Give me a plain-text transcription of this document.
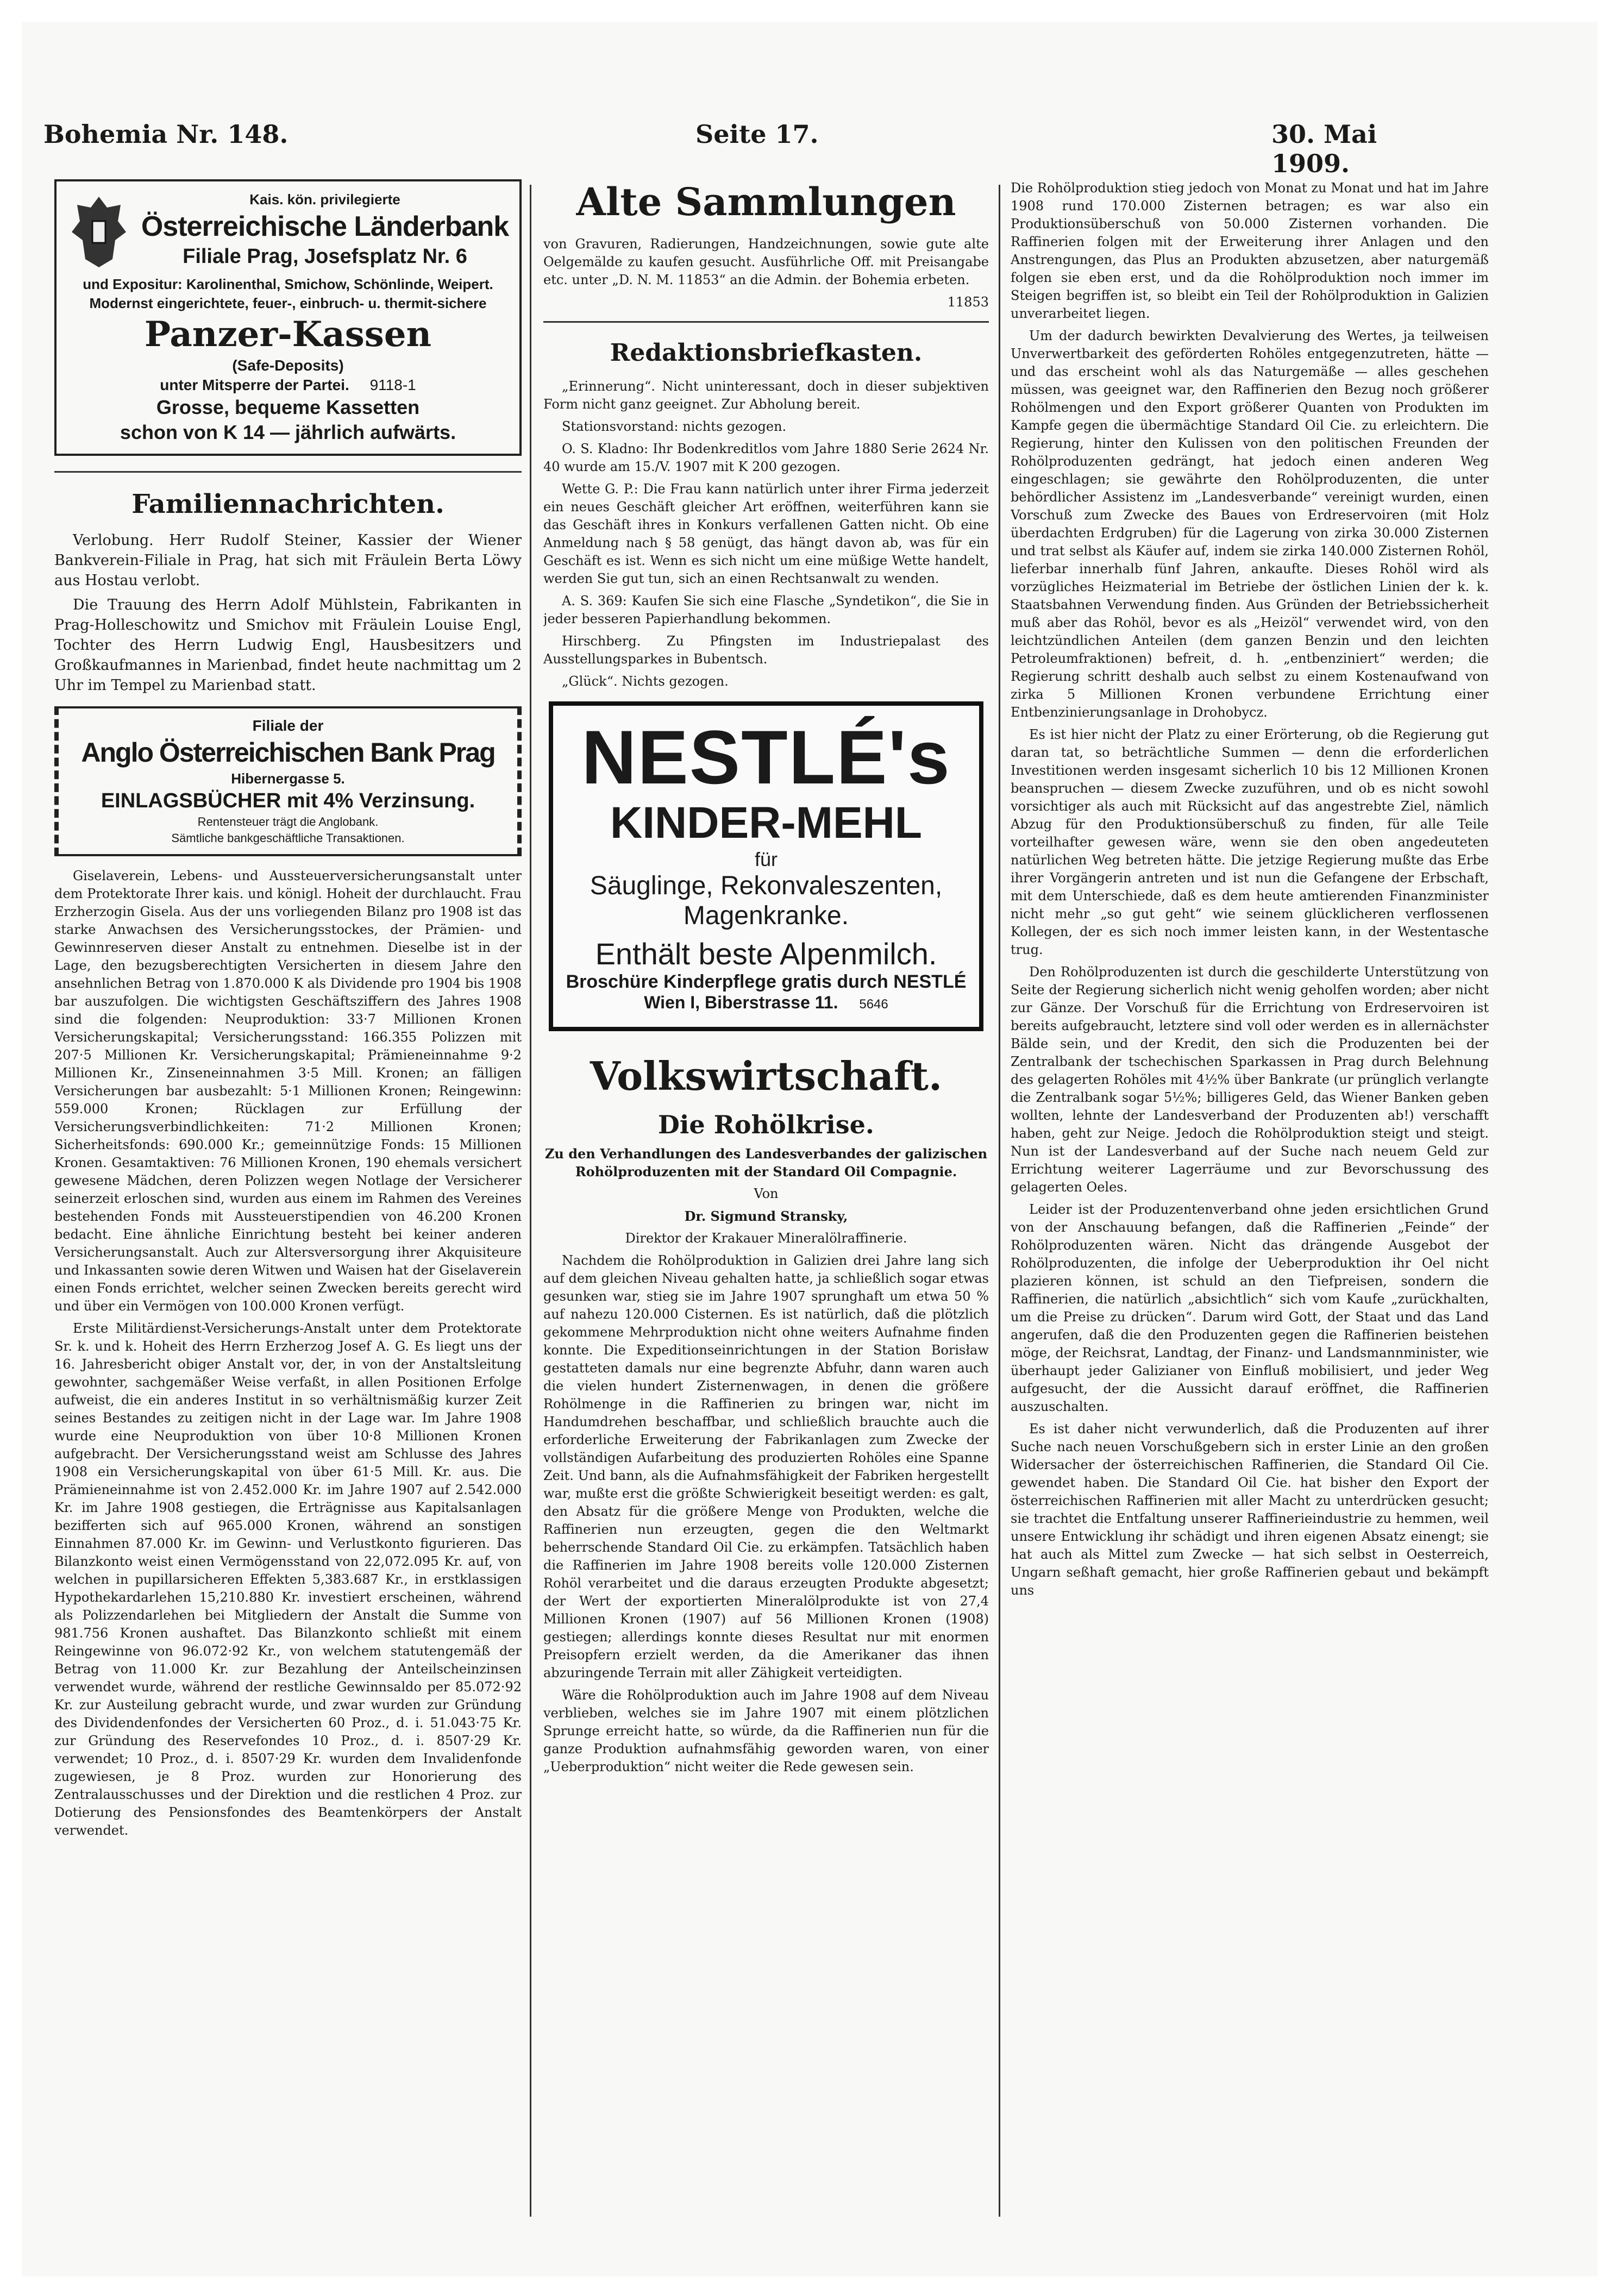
Bohemia Nr. 148.	Seite 17.	30. Mai 1909.
Kais. kön. privilegierte
Österreichische Länderbank
Filiale Prag, Josefsplatz Nr. 6
und Expositur: Karolinenthal, Smichow, Schönlinde, Weipert.
Modernst eingerichtete, feuer-, einbruch- u. thermit-sichere
Panzer-Kassen
(Safe-Deposits)
unter Mitsperre der Partei. 9118-1
Grosse, bequeme Kassetten
schon von K 14 — jährlich aufwärts.
Familiennachrichten.

Verlobung. Herr Rudolf Steiner, Kassier der Wiener Bankverein-Filiale in Prag, hat sich mit Fräulein Berta Löwy aus Hostau verlobt.

Die Trauung des Herrn Adolf Mühlstein, Fabrikanten in Prag-Holleschowitz und Smichov mit Fräulein Louise Engl, Tochter des Herrn Ludwig Engl, Hausbesitzers und Großkaufmannes in Marienbad, findet heute nachmittag um 2 Uhr im Tempel zu Marienbad statt.

Filiale der
Anglo Österreichischen Bank Prag
Hibernergasse 5.
EINLAGSBÜCHER mit 4% Verzinsung.
Rentensteuer trägt die Anglobank.
Sämtliche bankgeschäftliche Transaktionen.

Giselaverein, Lebens- und Aussteuerversicherungsanstalt unter dem Protektorate Ihrer kais. und königl. Hoheit der durchlaucht. Frau Erzherzogin Gisela. Aus der uns vorliegenden Bilanz pro 1908 ist das starke Anwachsen des Versicherungsstockes, der Prämien- und Gewinnreserven dieser Anstalt zu entnehmen. Dieselbe ist in der Lage, den bezugsberechtigten Versicherten in diesem Jahre den ansehnlichen Betrag von 1.870.000 K als Dividende pro 1904 bis 1908 bar auszufolgen. Die wichtigsten Geschäftsziffern des Jahres 1908 sind die folgenden: Neuproduktion: 33·7 Millionen Kronen Versicherungskapital; Versicherungsstand: 166.355 Polizzen mit 207·5 Millionen Kr. Versicherungskapital; Prämieneinnahme 9·2 Millionen Kr., Zinseneinnahmen 3·5 Mill. Kronen; an fälligen Versicherungen bar ausbezahlt: 5·1 Millionen Kronen; Reingewinn: 559.000 Kronen; Rücklagen zur Erfüllung der Versicherungsverbindlichkeiten: 71·2 Millionen Kronen; Sicherheitsfonds: 690.000 Kr.; gemeinnützige Fonds: 15 Millionen Kronen. Gesamtaktiven: 76 Millionen Kronen, 190 ehemals versichert gewesene Mädchen, deren Polizzen wegen Notlage der Versicherer seinerzeit erloschen sind, wurden aus einem im Rahmen des Vereines bestehenden Fonds mit Aussteuerstipendien von 46.200 Kronen bedacht. Eine ähnliche Einrichtung besteht bei keiner anderen Versicherungsanstalt. Auch zur Altersversorgung ihrer Akquisiteure und Inkassanten sowie deren Witwen und Waisen hat der Giselaverein einen Fonds errichtet, welcher seinen Zwecken bereits gerecht wird und über ein Vermögen von 100.000 Kronen verfügt.

Erste Militärdienst-Versicherungs-Anstalt unter dem Protektorate Sr. k. und k. Hoheit des Herrn Erzherzog Josef A. G. Es liegt uns der 16. Jahresbericht obiger Anstalt vor, der, in von der Anstaltsleitung gewohnter, sachgemäßer Weise verfaßt, in allen Positionen Erfolge aufweist, die ein anderes Institut in so verhältnismäßig kurzer Zeit seines Bestandes zu zeitigen nicht in der Lage war. Im Jahre 1908 wurde eine Neuproduktion von über 10·8 Millionen Kronen aufgebracht. Der Versicherungsstand weist am Schlusse des Jahres 1908 ein Versicherungskapital von über 61·5 Mill. Kr. aus. Die Prämieneinnahme ist von 2.452.000 Kr. im Jahre 1907 auf 2.542.000 Kr. im Jahre 1908 gestiegen, die Erträgnisse aus Kapitalsanlagen bezifferten sich auf 965.000 Kronen, während an sonstigen Einnahmen 87.000 Kr. im Gewinn- und Verlustkonto figurieren. Das Bilanzkonto weist einen Vermögensstand von 22,072.095 Kr. auf, von welchen in pupillarsicheren Effekten 5,383.687 Kr., in erstklassigen Hypothekardarlehen 15,210.880 Kr. investiert erscheinen, während als Polizzendarlehen bei Mitgliedern der Anstalt die Summe von 981.756 Kronen aushaftet. Das Bilanzkonto schließt mit einem Reingewinne von 96.072·92 Kr., von welchem statutengemäß der Betrag von 11.000 Kr. zur Bezahlung der Anteilscheinzinsen verwendet wurde, während der restliche Gewinnsaldo per 85.072·92 Kr. zur Austeilung gebracht wurde, und zwar wurden zur Gründung des Dividendenfondes der Versicherten 60 Proz., d. i. 51.043·75 Kr. zur Gründung des Reservefondes 10 Proz., d. i. 8507·29 Kr. verwendet; 10 Proz., d. i. 8507·29 Kr. wurden dem Invalidenfonde zugewiesen, je 8 Proz. wurden zur Honorierung des Zentralausschusses und der Direktion und die restlichen 4 Proz. zur Dotierung des Pensionsfondes des Beamtenkörpers der Anstalt verwendet.

Alte Sammlungen

von Gravuren, Radierungen, Handzeichnungen, sowie gute alte Oelgemälde zu kaufen gesucht. Ausführliche Off. mit Preisangabe etc. unter „D. N. M. 11853“ an die Admin. der Bohemia erbeten.

11853

Redaktionsbriefkasten.

„Erinnerung“. Nicht uninteressant, doch in dieser subjektiven Form nicht ganz geeignet. Zur Abholung bereit.

Stationsvorstand: nichts gezogen.

O. S. Kladno: Ihr Bodenkreditlos vom Jahre 1880 Serie 2624 Nr. 40 wurde am 15./V. 1907 mit K 200 gezogen.

Wette G. P.: Die Frau kann natürlich unter ihrer Firma jederzeit ein neues Geschäft gleicher Art eröffnen, weiterführen kann sie das Geschäft ihres in Konkurs verfallenen Gatten nicht. Ob eine Anmeldung nach § 58 genügt, das hängt davon ab, was für ein Geschäft es ist. Wenn es sich nicht um eine müßige Wette handelt, werden Sie gut tun, sich an einen Rechtsanwalt zu wenden.

A. S. 369: Kaufen Sie sich eine Flasche „Syndetikon“, die Sie in jeder besseren Papierhandlung bekommen.

Hirschberg. Zu Pfingsten im Industriepalast des Ausstellungsparkes in Bubentsch.

„Glück“. Nichts gezogen.

NESTLÉ's
KINDER-MEHL
für
Säuglinge, Rekonvaleszenten,
Magenkranke.
Enthält beste Alpenmilch.
Broschüre Kinderpflege gratis durch NESTLÉ
Wien I, Biberstrasse 11. 5646
Volkswirtschaft.
Die Rohölkrise.

Zu den Verhandlungen des Landesverbandes der galizischen Rohölproduzenten mit der Standard Oil Compagnie.

Von

Dr. Sigmund Stransky,

Direktor der Krakauer Mineralölraffinerie.

Nachdem die Rohölproduktion in Galizien drei Jahre lang sich auf dem gleichen Niveau gehalten hatte, ja schließlich sogar etwas gesunken war, stieg sie im Jahre 1907 sprunghaft um etwa 50 % auf nahezu 120.000 Cisternen. Es ist natürlich, daß die plötzlich gekommene Mehrproduktion nicht ohne weiters Aufnahme finden konnte. Die Expeditionseinrichtungen in der Station Borisław gestatteten damals nur eine begrenzte Abfuhr, dann waren auch die vielen hundert Zisternenwagen, in denen die größere Rohölmenge in die Raffinerien zu bringen war, nicht im Handumdrehen beschaffbar, und schließlich brauchte auch die erforderliche Erweiterung der Fabrikanlagen zum Zwecke der vollständigen Aufarbeitung des produzierten Rohöles eine Spanne Zeit. Und bann, als die Aufnahmsfähigkeit der Fabriken hergestellt war, mußte erst die größte Schwierigkeit beseitigt werden: es galt, den Absatz für die größere Menge von Produkten, welche die Raffinerien nun erzeugten, gegen die den Weltmarkt beherrschende Standard Oil Cie. zu erkämpfen. Tatsächlich haben die Raffinerien im Jahre 1908 bereits volle 120.000 Zisternen Rohöl verarbeitet und die daraus erzeugten Produkte abgesetzt; der Wert der exportierten Mineralölprodukte ist von 27,4 Millionen Kronen (1907) auf 56 Millionen Kronen (1908) gestiegen; allerdings konnte dieses Resultat nur mit enormen Preisopfern erzielt werden, da die Amerikaner das ihnen abzuringende Terrain mit aller Zähigkeit verteidigten.

Wäre die Rohölproduktion auch im Jahre 1908 auf dem Niveau verblieben, welches sie im Jahre 1907 mit einem plötzlichen Sprunge erreicht hatte, so würde, da die Raffinerien nun für die ganze Produktion aufnahmsfähig geworden waren, von einer „Ueberproduktion“ nicht weiter die Rede gewesen sein.

Die Rohölproduktion stieg jedoch von Monat zu Monat und hat im Jahre 1908 rund 170.000 Zisternen betragen; es war also ein Produktionsüberschuß von 50.000 Zisternen vorhanden. Die Raffinerien folgen mit der Erweiterung ihrer Anlagen und den Anstrengungen, das Plus an Produkten abzusetzen, aber naturgemäß folgen sie eben erst, und da die Rohölproduktion noch immer im Steigen begriffen ist, so bleibt ein Teil der Rohölproduktion in Galizien unverarbeitet liegen.

Um der dadurch bewirkten Devalvierung des Wertes, ja teilweisen Unverwertbarkeit des geförderten Rohöles entgegenzutreten, hätte — und das erscheint wohl als das Naturgemäße — alles geschehen müssen, was geeignet war, den Raffinerien den Bezug noch größerer Rohölmengen und den Export größerer Quanten von Produkten im Kampfe gegen die übermächtige Standard Oil Cie. zu erleichtern. Die Regierung, hinter den Kulissen von den politischen Freunden der Rohölproduzenten gedrängt, hat jedoch einen anderen Weg eingeschlagen; sie gewährte den Rohölproduzenten, die unter behördlicher Assistenz im „Landesverbande“ vereinigt wurden, einen Vorschuß zum Zwecke des Baues von Erdreservoiren (mit Holz überdachten Erdgruben) für die Lagerung von zirka 30.000 Zisternen und trat selbst als Käufer auf, indem sie zirka 140.000 Zisternen Rohöl, lieferbar innerhalb fünf Jahren, ankaufte. Dieses Rohöl wird als vorzügliches Heizmaterial im Betriebe der östlichen Linien der k. k. Staatsbahnen Verwendung finden. Aus Gründen der Betriebssicherheit muß aber das Rohöl, bevor es als „Heizöl“ verwendet wird, von den leichtzündlichen Anteilen (dem ganzen Benzin und den leichten Petroleumfraktionen) befreit, d. h. „entbenziniert“ werden; die Regierung schritt deshalb auch selbst zu einem Kostenaufwand von zirka 5 Millionen Kronen verbundene Errichtung einer Entbenzinierungsanlage in Drohobycz.

Es ist hier nicht der Platz zu einer Erörterung, ob die Regierung gut daran tat, so beträchtliche Summen — denn die erforderlichen Investitionen werden insgesamt sicherlich 10 bis 12 Millionen Kronen beanspruchen — diesem Zwecke zuzuführen, und ob es nicht sowohl vorsichtiger als auch mit Rücksicht auf das angestrebte Ziel, nämlich Abzug für den Produktionsüberschuß zu finden, für alle Teile vorteilhafter gewesen wäre, wenn sie den oben angedeuteten natürlichen Weg betreten hätte. Die jetzige Regierung mußte das Erbe ihrer Vorgängerin antreten und ist nun die Gefangene der Erbschaft, mit dem Unterschiede, daß es dem heute amtierenden Finanzminister nicht mehr „so gut geht“ wie seinem glücklicheren verflossenen Kollegen, der es sich noch immer leisten kann, in der Westentasche trug.

Den Rohölproduzenten ist durch die geschilderte Unterstützung von Seite der Regierung sicherlich nicht wenig geholfen worden; aber nicht zur Gänze. Der Vorschuß für die Errichtung von Erdreservoiren ist bereits aufgebraucht, letztere sind voll oder werden es in allernächster Bälde sein, und der Kredit, den sich die Produzenten bei der Zentralbank der tschechischen Sparkassen in Prag durch Belehnung des gelagerten Rohöles mit 4½% über Bankrate (ur prünglich verlangte die Zentralbank sogar 5½%; billigeres Geld, das Wiener Banken geben wollten, lehnte der Landesverband der Produzenten ab!) verschafft haben, geht zur Neige. Jedoch die Rohölproduktion steigt und steigt. Nun ist der Landesverband auf der Suche nach neuem Geld zur Errichtung weiterer Lagerräume und zur Bevorschussung des gelagerten Oeles.

Leider ist der Produzentenverband ohne jeden ersichtlichen Grund von der Anschauung befangen, daß die Raffinerien „Feinde“ der Rohölproduzenten wären. Nicht das drängende Ausgebot der Rohölproduzenten, die infolge der Ueberproduktion ihr Oel nicht plazieren können, ist schuld an den Tiefpreisen, sondern die Raffinerien, die natürlich „absichtlich“ sich vom Kaufe „zurückhalten, um die Preise zu drücken“. Darum wird Gott, der Staat und das Land angerufen, daß die den Produzenten gegen die Raffinerien beistehen möge, der Reichsrat, Landtag, der Finanz- und Landsmannminister, wie überhaupt jeder Galizianer von Einfluß mobilisiert, und jeder Weg aufgesucht, der die Aussicht darauf eröffnet, die Raffinerien auszuschalten.

Es ist daher nicht verwunderlich, daß die Produzenten auf ihrer Suche nach neuen Vorschußgebern sich in erster Linie an den großen Widersacher der österreichischen Raffinerien, die Standard Oil Cie. gewendet haben. Die Standard Oil Cie. hat bisher den Export der österreichischen Raffinerien mit aller Macht zu unterdrücken gesucht; sie trachtet die Entfaltung unserer Raffinerieindustrie zu hemmen, weil unsere Entwicklung ihr schädigt und ihren eigenen Absatz einengt; sie hat auch als Mittel zum Zwecke — hat sich selbst in Oesterreich, Ungarn seßhaft gemacht, hier große Raffinerien gebaut und bekämpft uns
